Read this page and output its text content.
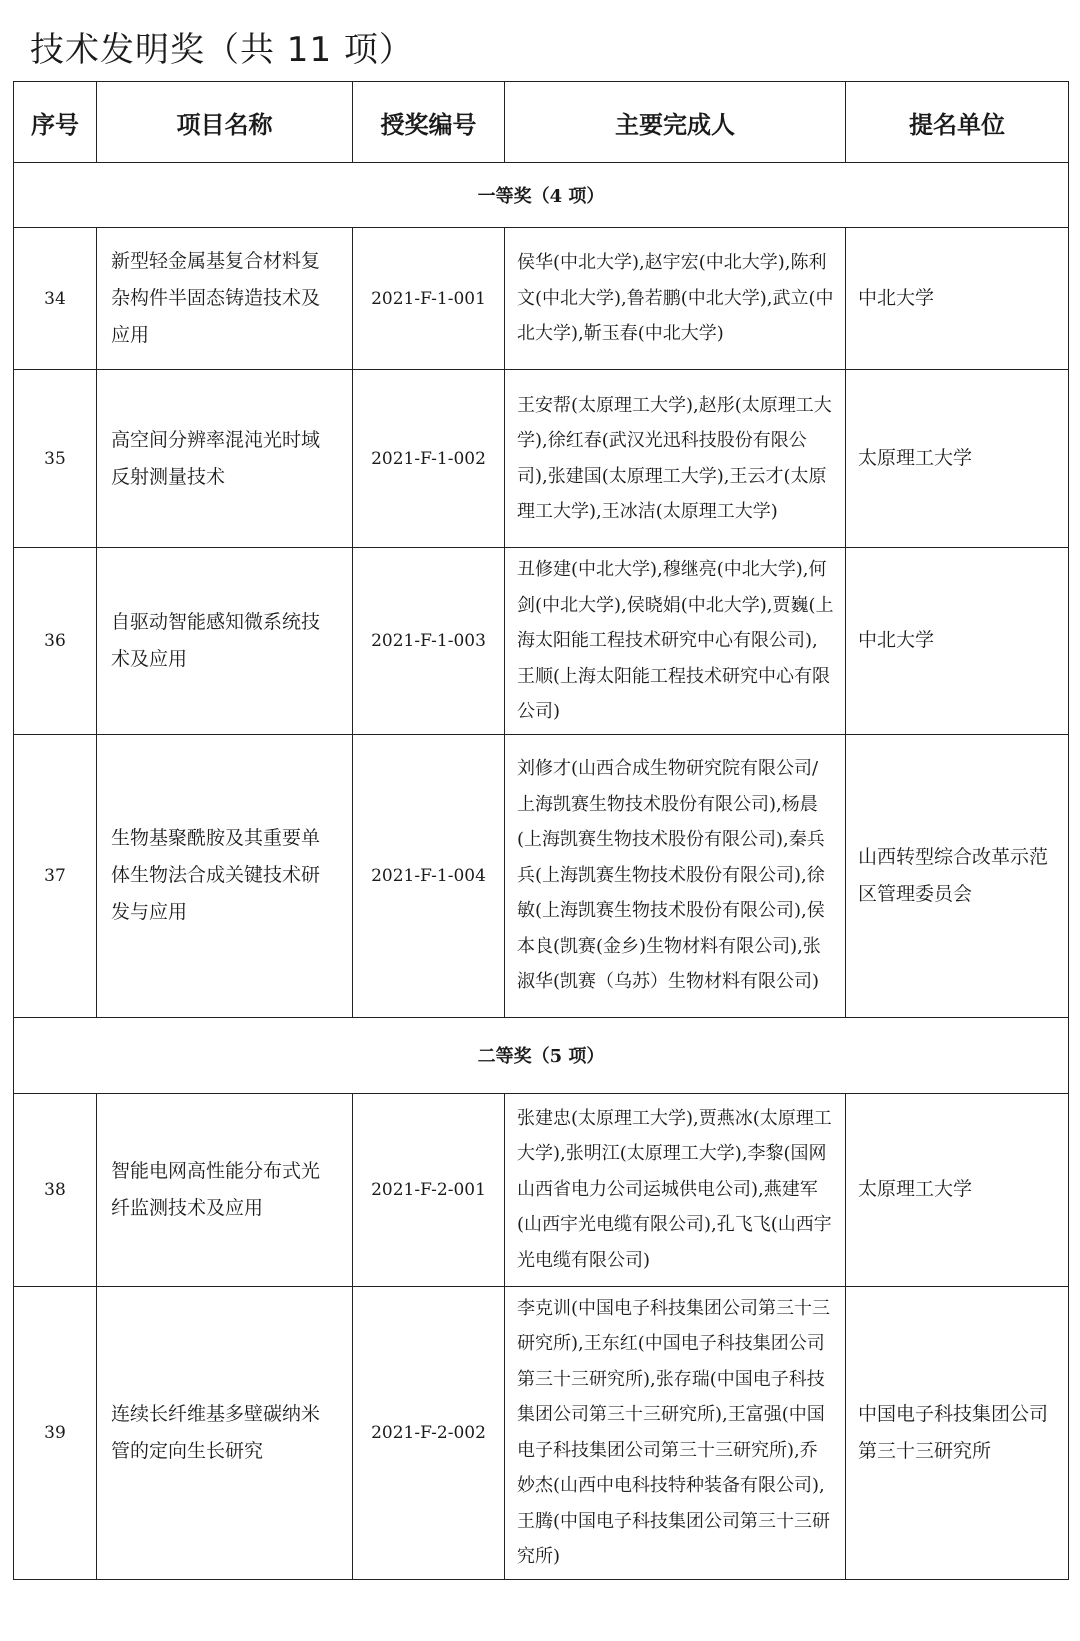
技术发明奖（共 11 项）
序号	项目名称	授奖编号	主要完成人	提名单位
一等奖（4 项）				
34	新型轻金属基复合材料复杂构件半固态铸造技术及应用	2021-F-1-001	侯华(中北大学),赵宇宏(中北大学),陈利文(中北大学),鲁若鹏(中北大学),武立(中北大学),靳玉春(中北大学)	中北大学
35	高空间分辨率混沌光时域反射测量技术	2021-F-1-002	王安帮(太原理工大学),赵彤(太原理工大学),徐红春(武汉光迅科技股份有限公司),张建国(太原理工大学),王云才(太原理工大学),王冰洁(太原理工大学)	太原理工大学
36	自驱动智能感知微系统技术及应用	2021-F-1-003	丑修建(中北大学),穆继亮(中北大学),何剑(中北大学),侯晓娟(中北大学),贾巍(上海太阳能工程技术研究中心有限公司),王顺(上海太阳能工程技术研究中心有限公司)	中北大学
37	生物基聚酰胺及其重要单体生物法合成关键技术研发与应用	2021-F-1-004	刘修才(山西合成生物研究院有限公司/上海凯赛生物技术股份有限公司),杨晨(上海凯赛生物技术股份有限公司),秦兵兵(上海凯赛生物技术股份有限公司),徐敏(上海凯赛生物技术股份有限公司),侯本良(凯赛(金乡)生物材料有限公司),张淑华(凯赛（乌苏）生物材料有限公司)	山西转型综合改革示范区管理委员会
二等奖（5 项）				
38	智能电网高性能分布式光纤监测技术及应用	2021-F-2-001	张建忠(太原理工大学),贾燕冰(太原理工大学),张明江(太原理工大学),李黎(国网山西省电力公司运城供电公司),燕建军(山西宇光电缆有限公司),孔飞飞(山西宇光电缆有限公司)	太原理工大学
39	连续长纤维基多壁碳纳米管的定向生长研究	2021-F-2-002	李克训(中国电子科技集团公司第三十三研究所),王东红(中国电子科技集团公司第三十三研究所),张存瑞(中国电子科技集团公司第三十三研究所),王富强(中国电子科技集团公司第三十三研究所),乔妙杰(山西中电科技特种装备有限公司),王腾(中国电子科技集团公司第三十三研究所)	中国电子科技集团公司第三十三研究所
